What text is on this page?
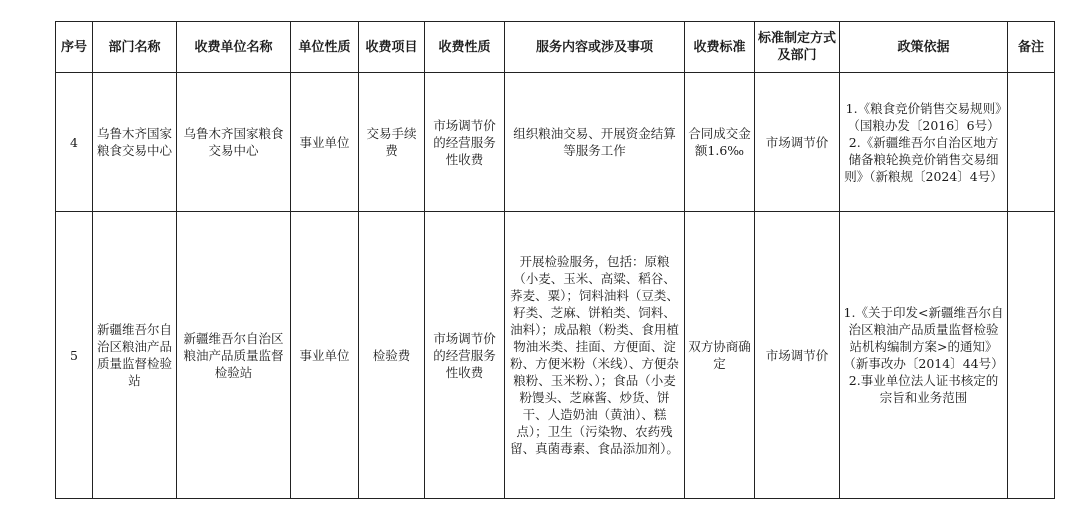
序号	部门名称	收费单位名称	单位性质	收费项目	收费性质	服务内容或涉及事项	收费标准	标准制定方式及部门	政策依据	备注
4	乌鲁木齐国家粮食交易中心	乌鲁木齐国家粮食交易中心	事业单位	交易手续费	市场调节价的经营服务性收费	组织粮油交易、开展资金结算等服务工作	合同成交金额1.6‰	市场调节价	1.《粮食竞价销售交易规则》（国粮办发〔2016〕6号）2.《新疆维吾尔自治区地方储备粮轮换竞价销售交易细则》（新粮规〔2024〕4号）	
5	新疆维吾尔自治区粮油产品质量监督检验站	新疆维吾尔自治区粮油产品质量监督检验站	事业单位	检验费	市场调节价的经营服务性收费	开展检验服务，包括：原粮（小麦、玉米、高粱、稻谷、荞麦、粟）；饲料油料（豆类、籽类、芝麻、饼粕类、饲料、油料）；成品粮（粉类、食用植物油米类、挂面、方便面、淀粉、方便米粉（米线）、方便杂粮粉、玉米粉、）；食品（小麦粉馒头、芝麻酱、炒货、饼干、人造奶油（黄油）、糕点）；卫生（污染物、农药残留、真菌毒素、食品添加剂）。	双方协商确定	市场调节价	1.《关于印发<新疆维吾尔自治区粮油产品质量监督检验站机构编制方案>的通知》（新事改办〔2014〕44号）2.事业单位法人证书核定的宗旨和业务范围	
